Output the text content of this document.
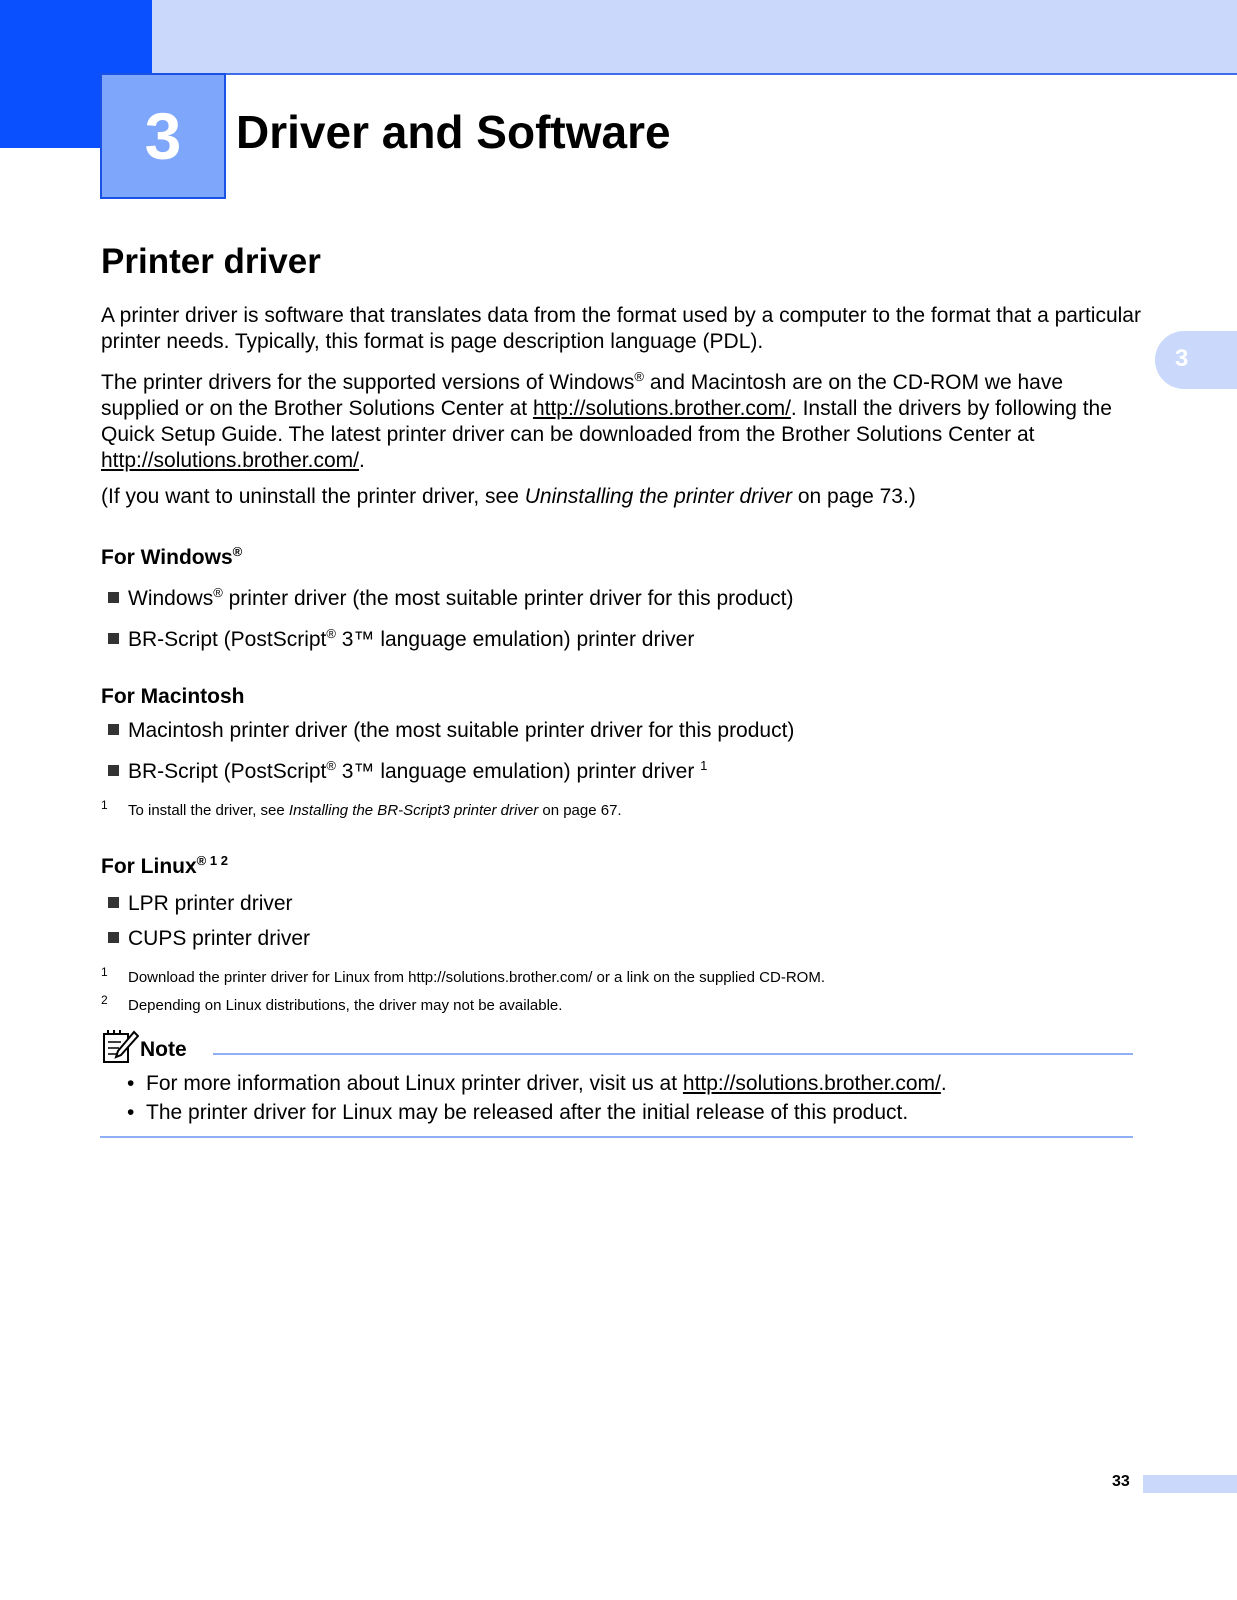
3 Driver and Software
3
Printer driver
A printer driver is software that translates data from the format used by a computer to the format that a particular printer needs. Typically, this format is page description language (PDL).
The printer drivers for the supported versions of Windows® and Macintosh are on the CD-ROM we have supplied or on the Brother Solutions Center at http://solutions.brother.com/. Install the drivers by following the Quick Setup Guide. The latest printer driver can be downloaded from the Brother Solutions Center at http://solutions.brother.com/.
(If you want to uninstall the printer driver, see Uninstalling the printer driver on page 73.)
For Windows®
Windows® printer driver (the most suitable printer driver for this product)
BR-Script (PostScript® 3™ language emulation) printer driver
For Macintosh
Macintosh printer driver (the most suitable printer driver for this product)
BR-Script (PostScript® 3™ language emulation) printer driver $^1$
1 To install the driver, see Installing the BR-Script3 printer driver on page 67.
For Linux$^{® 1 2}$
LPR printer driver
CUPS printer driver
1 Download the printer driver for Linux from http://solutions.brother.com/ or a link on the supplied CD-ROM.
2 Depending on Linux distributions, the driver may not be available.
Note
• For more information about Linux printer driver, visit us at http://solutions.brother.com/.
• The printer driver for Linux may be released after the initial release of this product.
33
